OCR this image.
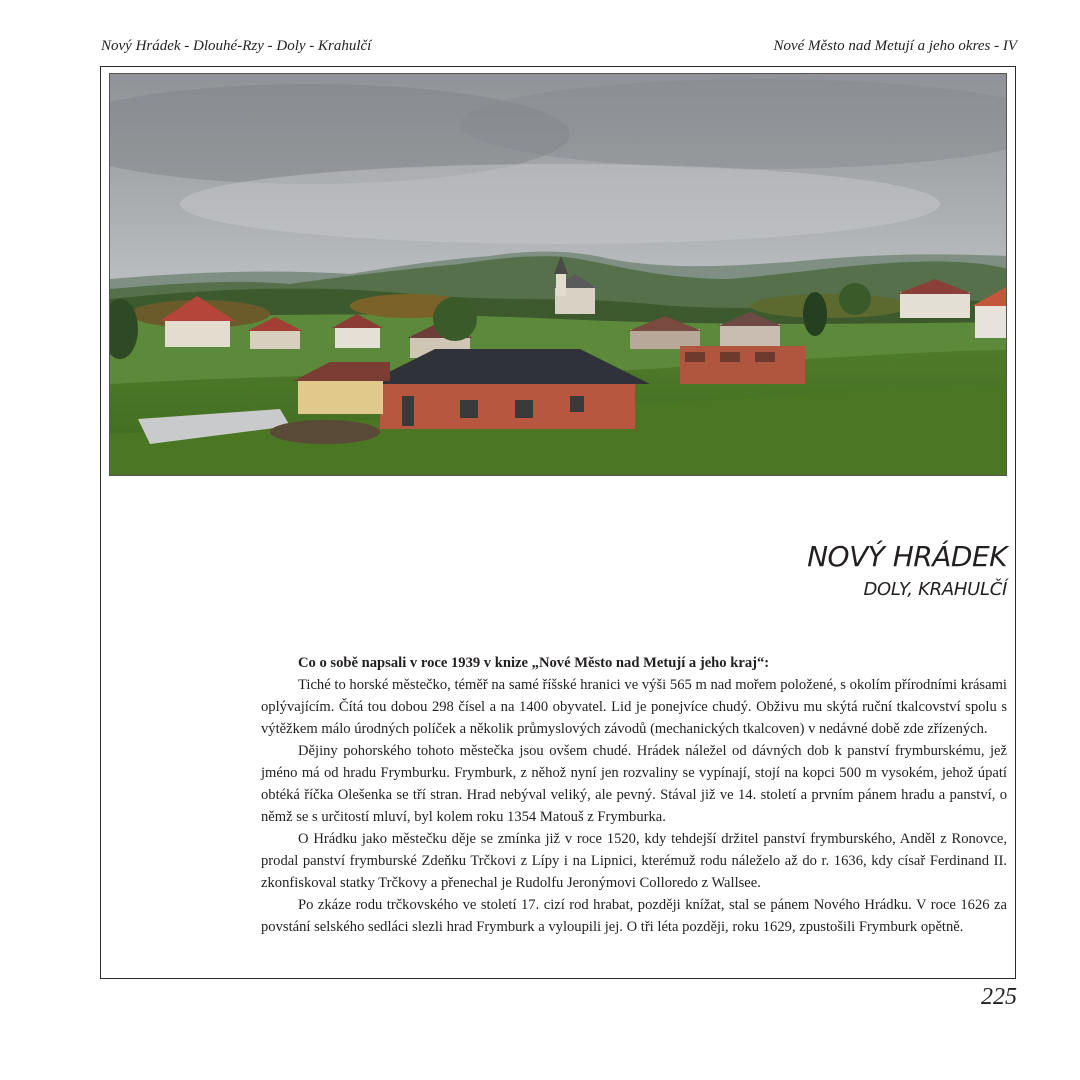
Nový Hrádek - Dlouhé-Rzy - Doly - Krahulčí	Nové Město nad Metují a jeho okres - IV
NOVÝ HRÁDEK
DOLY, KRAHULČÍ

Co o sobě napsali v roce 1939 v knize „Nové Město nad Metují a jeho kraj“:

Tiché to horské městečko, téměř na samé říšské hranici ve výši 565 m nad mořem položené, s okolím přírodními krásami oplývajícím. Čítá tou dobou 298 čísel a na 1400 obyvatel. Lid je ponejvíce chudý. Obživu mu skýtá ruční tkalcovství spolu s výtěžkem málo úrodných políček a několik průmyslových závodů (mechanických tkalcoven) v nedávné době zde zřízených.

Dějiny pohorského tohoto městečka jsou ovšem chudé. Hrádek náležel od dávných dob k panství frymburskému, jež jméno má od hradu Frymburku. Frymburk, z něhož nyní jen rozvaliny se vypínají, stojí na kopci 500 m vysokém, jehož úpatí obtéká říčka Olešenka se tří stran. Hrad nebýval veliký, ale pevný. Stával již ve 14. století a prvním pánem hradu a panství, o němž se s určitostí mluví, byl kolem roku 1354 Matouš z Frymburka.

O Hrádku jako městečku děje se zmínka již v roce 1520, kdy tehdejší držitel panství frymburského, Anděl z Ronovce, prodal panství frymburské Zdeňku Trčkovi z Lípy i na Lipnici, kterémuž rodu náleželo až do r. 1636, kdy císař Ferdinand II. zkonfiskoval statky Trčkovy a přenechal je Rudolfu Jeronýmovi Colloredo z Wallsee.

Po zkáze rodu trčkovského ve století 17. cizí rod hrabat, později knížat, stal se pánem Nového Hrádku. V roce 1626 za povstání selského sedláci slezli hrad Frymburk a vyloupili jej. O tři léta později, roku 1629, zpustošili Frymburk opětně.

225
